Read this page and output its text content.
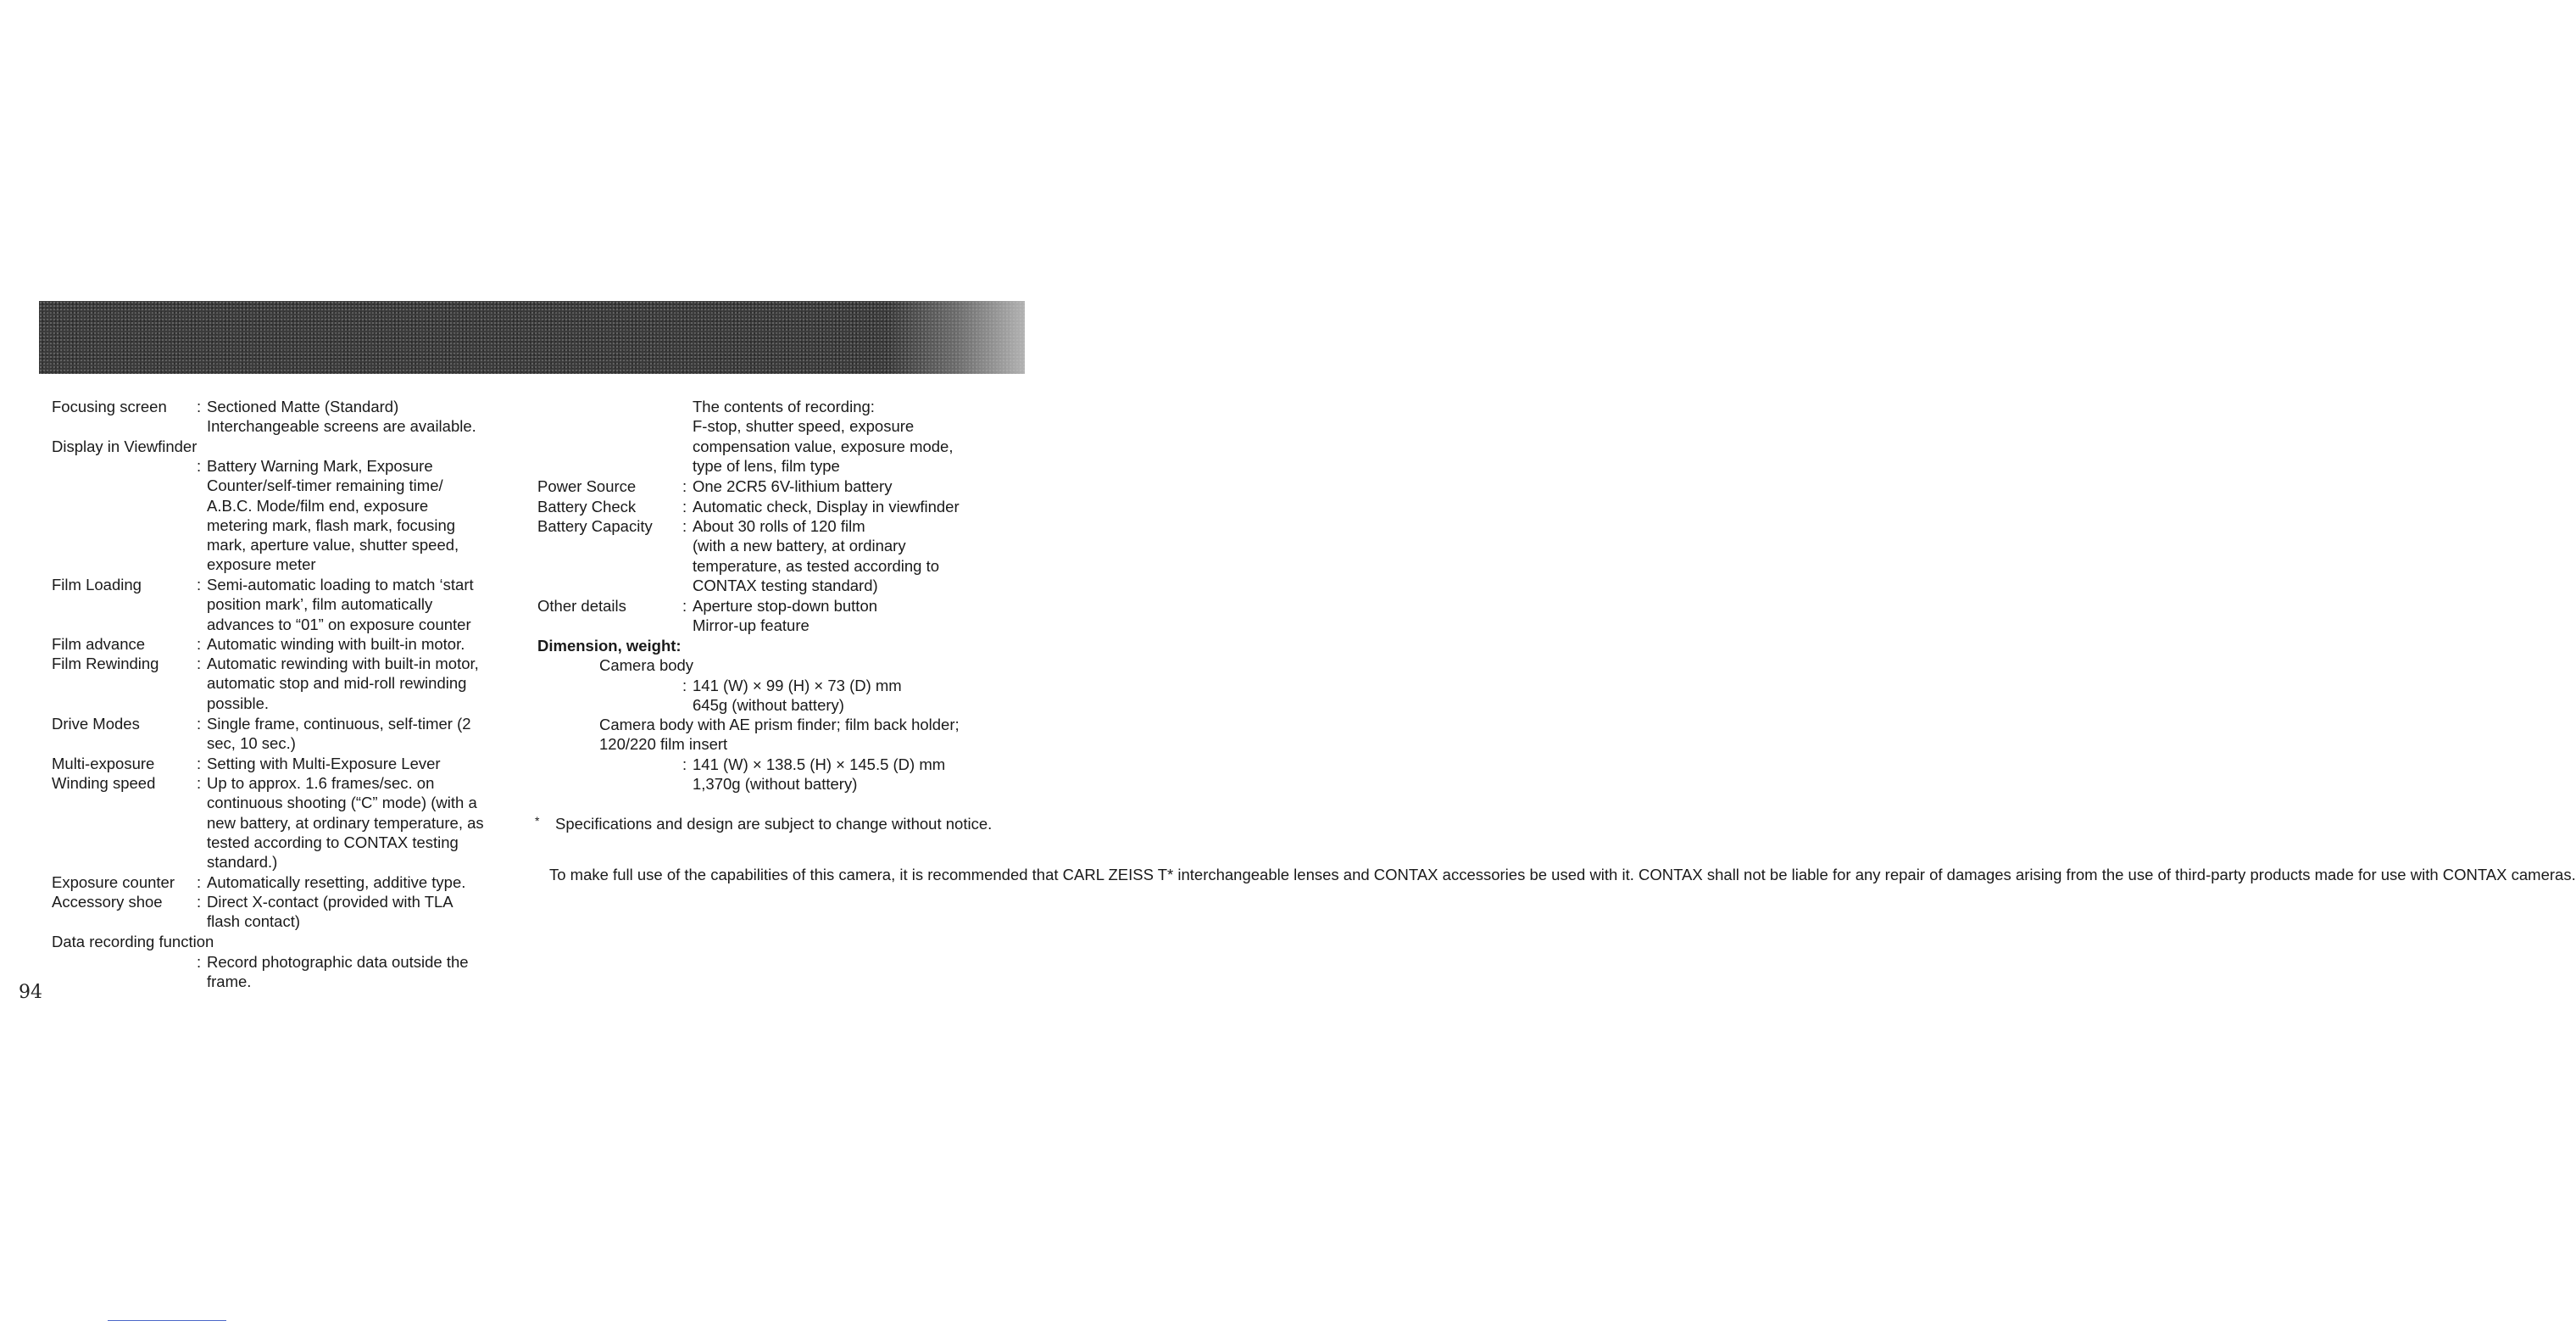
Focusing screen : Sectioned Matte (Standard)
Interchangeable screens are available.
Display in Viewfinder
: Battery Warning Mark, Exposure
Counter/self-timer remaining time/
A.B.C. Mode/film end, exposure
metering mark, flash mark, focusing
mark, aperture value, shutter speed,
exposure meter
Film Loading	: Semi-automatic loading to match ‘start
position mark’, film automatically
advances to “01” on exposure counter
Film advance	: Automatic winding with built-in motor.
Film Rewinding : Automatic rewinding with built-in motor,
automatic stop and mid-roll rewinding
possible.
Drive Modes	: Single frame, continuous, self-timer (2
sec, 10 sec.)
Multi-exposure	: Setting with Multi-Exposure Lever
Winding speed	: Up to approx. 1.6 frames/sec. on
continuous shooting (“C” mode) (with a
new battery, at ordinary temperature, as
tested according to CONTAX testing
standard.)
Exposure counter : Automatically resetting, additive type.
Accessory shoe : Direct X-contact (provided with TLA
flash contact)
Data recording function
: Record photographic data outside the
frame.
The contents of recording:
F-stop, shutter speed, exposure
compensation value, exposure mode,
type of lens, film type
Power Source	: One 2CR5 6V-lithium battery
Battery Check	: Automatic check, Display in viewfinder
Battery Capacity : About 30 rolls of 120 film
(with a new battery, at ordinary
temperature, as tested according to
CONTAX testing standard)
Other details	: Aperture stop-down button
Mirror-up feature
Dimension, weight:
Camera body
: 141 (W) × 99 (H) × 73 (D) mm
645g (without battery)
Camera body with AE prism finder; film back holder;
120/220 film insert
: 141 (W) × 138.5 (H) × 145.5 (D) mm
1,370g (without battery)
* Specifications and design are subject to change without notice.
To make full use of the capabilities of this camera, it is recommended that CARL ZEISS T* interchangeable lenses and CONTAX accessories be used with it. CONTAX shall not be liable for any repair of damages arising from the use of third-party products made for use with CONTAX cameras.
94
